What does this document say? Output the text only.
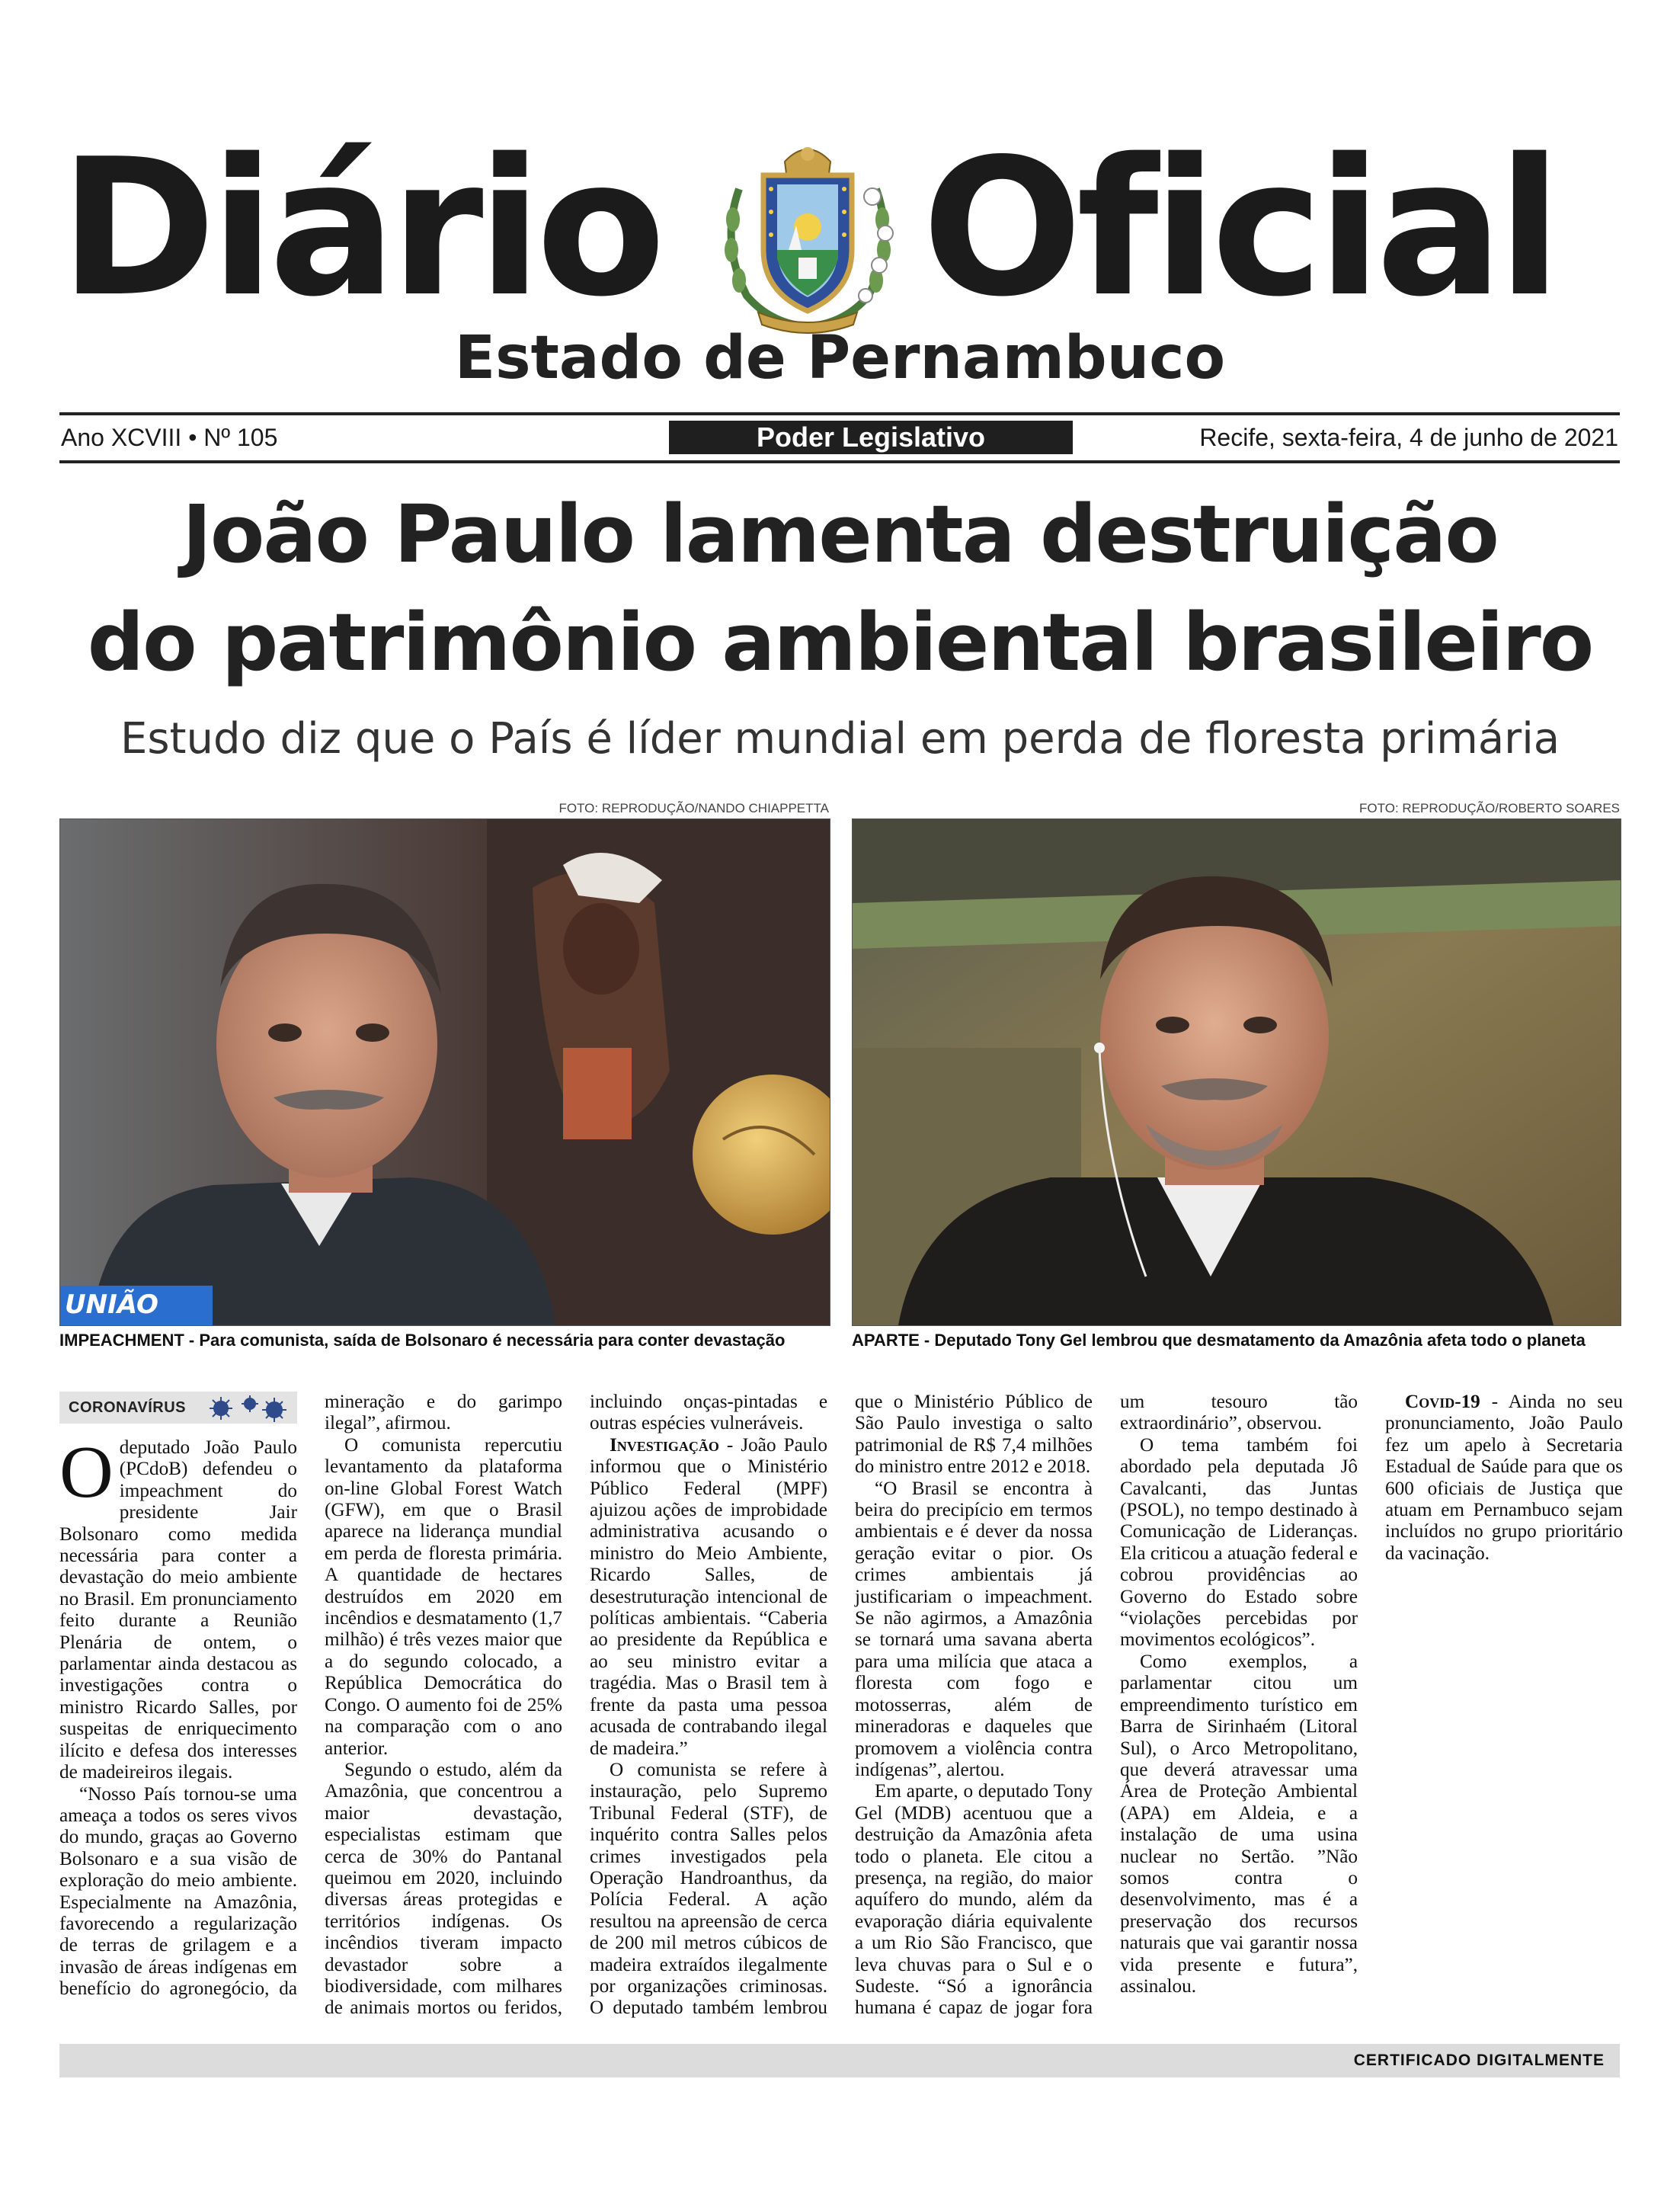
Diário Oficial
Estado de Pernambuco
Ano XCVIII • Nº 105	Poder Legislativo	Recife, sexta-feira, 4 de junho de 2021
João Paulo lamenta destruição
do patrimônio ambiental brasileiro
Estudo diz que o País é líder mundial em perda de floresta primária
FOTO: REPRODUÇÃO/NANDO CHIAPPETTA	FOTO: REPRODUÇÃO/ROBERTO SOARES
UNIÃO
IMPEACHMENT - Para comunista, saída de Bolsonaro é necessária para conter devastação	APARTE - Deputado Tony Gel lembrou que desmatamento da Amazônia afeta todo o planeta
CORONAVÍRUS

Odeputado João Paulo (PCdoB) defendeu o impeachment do presidente Jair Bolsonaro como medida necessária para conter a devastação do meio ambiente no Brasil. Em pronunciamento feito durante a Reunião Plenária de ontem, o parlamentar ainda destacou as investigações contra o ministro Ricardo Salles, por suspeitas de enriquecimento ilícito e defesa dos interesses de madeireiros ilegais.

“Nosso País tornou-se uma ameaça a todos os seres vivos do mundo, graças ao Governo Bolsonaro e a sua visão de exploração do meio ambiente. Especialmente na Amazônia, favorecendo a regularização de terras de grilagem e a invasão de áreas indígenas em benefício do agronegócio, da mineração e do garimpo ilegal”, afirmou.

O comunista repercutiu levantamento da plataforma on-line Global Forest Watch (GFW), em que o Brasil aparece na liderança mundial em perda de floresta primária. A quantidade de hectares destruídos em 2020 em incêndios e desmatamento (1,7 milhão) é três vezes maior que a do segundo colocado, a República Democrática do Congo. O aumento foi de 25% na comparação com o ano anterior.

Segundo o estudo, além da Amazônia, que concentrou a maior devastação, especialistas estimam que cerca de 30% do Pantanal queimou em 2020, incluindo diversas áreas protegidas e territórios indígenas. Os incêndios tiveram impacto devastador sobre a biodiversidade, com milhares de animais mortos ou feridos, incluindo onças-pintadas e outras espécies vulneráveis.

Investigação - João Paulo informou que o Ministério Público Federal (MPF) ajuizou ações de improbidade administrativa acusando o ministro do Meio Ambiente, Ricardo Salles, de desestruturação intencional de políticas ambientais. “Caberia ao presidente da República e ao seu ministro evitar a tragédia. Mas o Brasil tem à frente da pasta uma pessoa acusada de contrabando ilegal de madeira.”

O comunista se refere à instauração, pelo Supremo Tribunal Federal (STF), de inquérito contra Salles pelos crimes investigados pela Operação Handroanthus, da Polícia Federal. A ação resultou na apreensão de cerca de 200 mil metros cúbicos de madeira extraídos ilegalmente por organizações criminosas. O deputado também lembrou que o Ministério Público de São Paulo investiga o salto patrimonial de R$ 7,4 milhões do ministro entre 2012 e 2018.

“O Brasil se encontra à beira do precipício em termos ambientais e é dever da nossa geração evitar o pior. Os crimes ambientais já justificariam o impeachment. Se não agirmos, a Amazônia se tornará uma savana aberta para uma milícia que ataca a floresta com fogo e motosserras, além de mineradoras e daqueles que promovem a violência contra indígenas”, alertou.

Em aparte, o deputado Tony Gel (MDB) acentuou que a destruição da Amazônia afeta todo o planeta. Ele citou a presença, na região, do maior aquífero do mundo, além da evaporação diária equivalente a um Rio São Francisco, que leva chuvas para o Sul e o Sudeste. “Só a ignorância humana é capaz de jogar fora um tesouro tão extraordinário”, observou.

O tema também foi abordado pela deputada Jô Cavalcanti, das Juntas (PSOL), no tempo destinado à Comunicação de Lideranças. Ela criticou a atuação federal e cobrou providências ao Governo do Estado sobre “violações percebidas por movimentos ecológicos”.

Como exemplos, a parlamentar citou um empreendimento turístico em Barra de Sirinhaém (Litoral Sul), o Arco Metropolitano, que deverá atravessar uma Área de Proteção Ambiental (APA) em Aldeia, e a instalação de uma usina nuclear no Sertão. ”Não somos contra o desenvolvimento, mas é a preservação dos recursos naturais que vai garantir nossa vida presente e futura”, assinalou.

Covid-19 - Ainda no seu pronunciamento, João Paulo fez um apelo à Secretaria Estadual de Saúde para que os 600 oficiais de Justiça que atuam em Pernambuco sejam incluídos no grupo prioritário da vacinação.

CERTIFICADO DIGITALMENTE
